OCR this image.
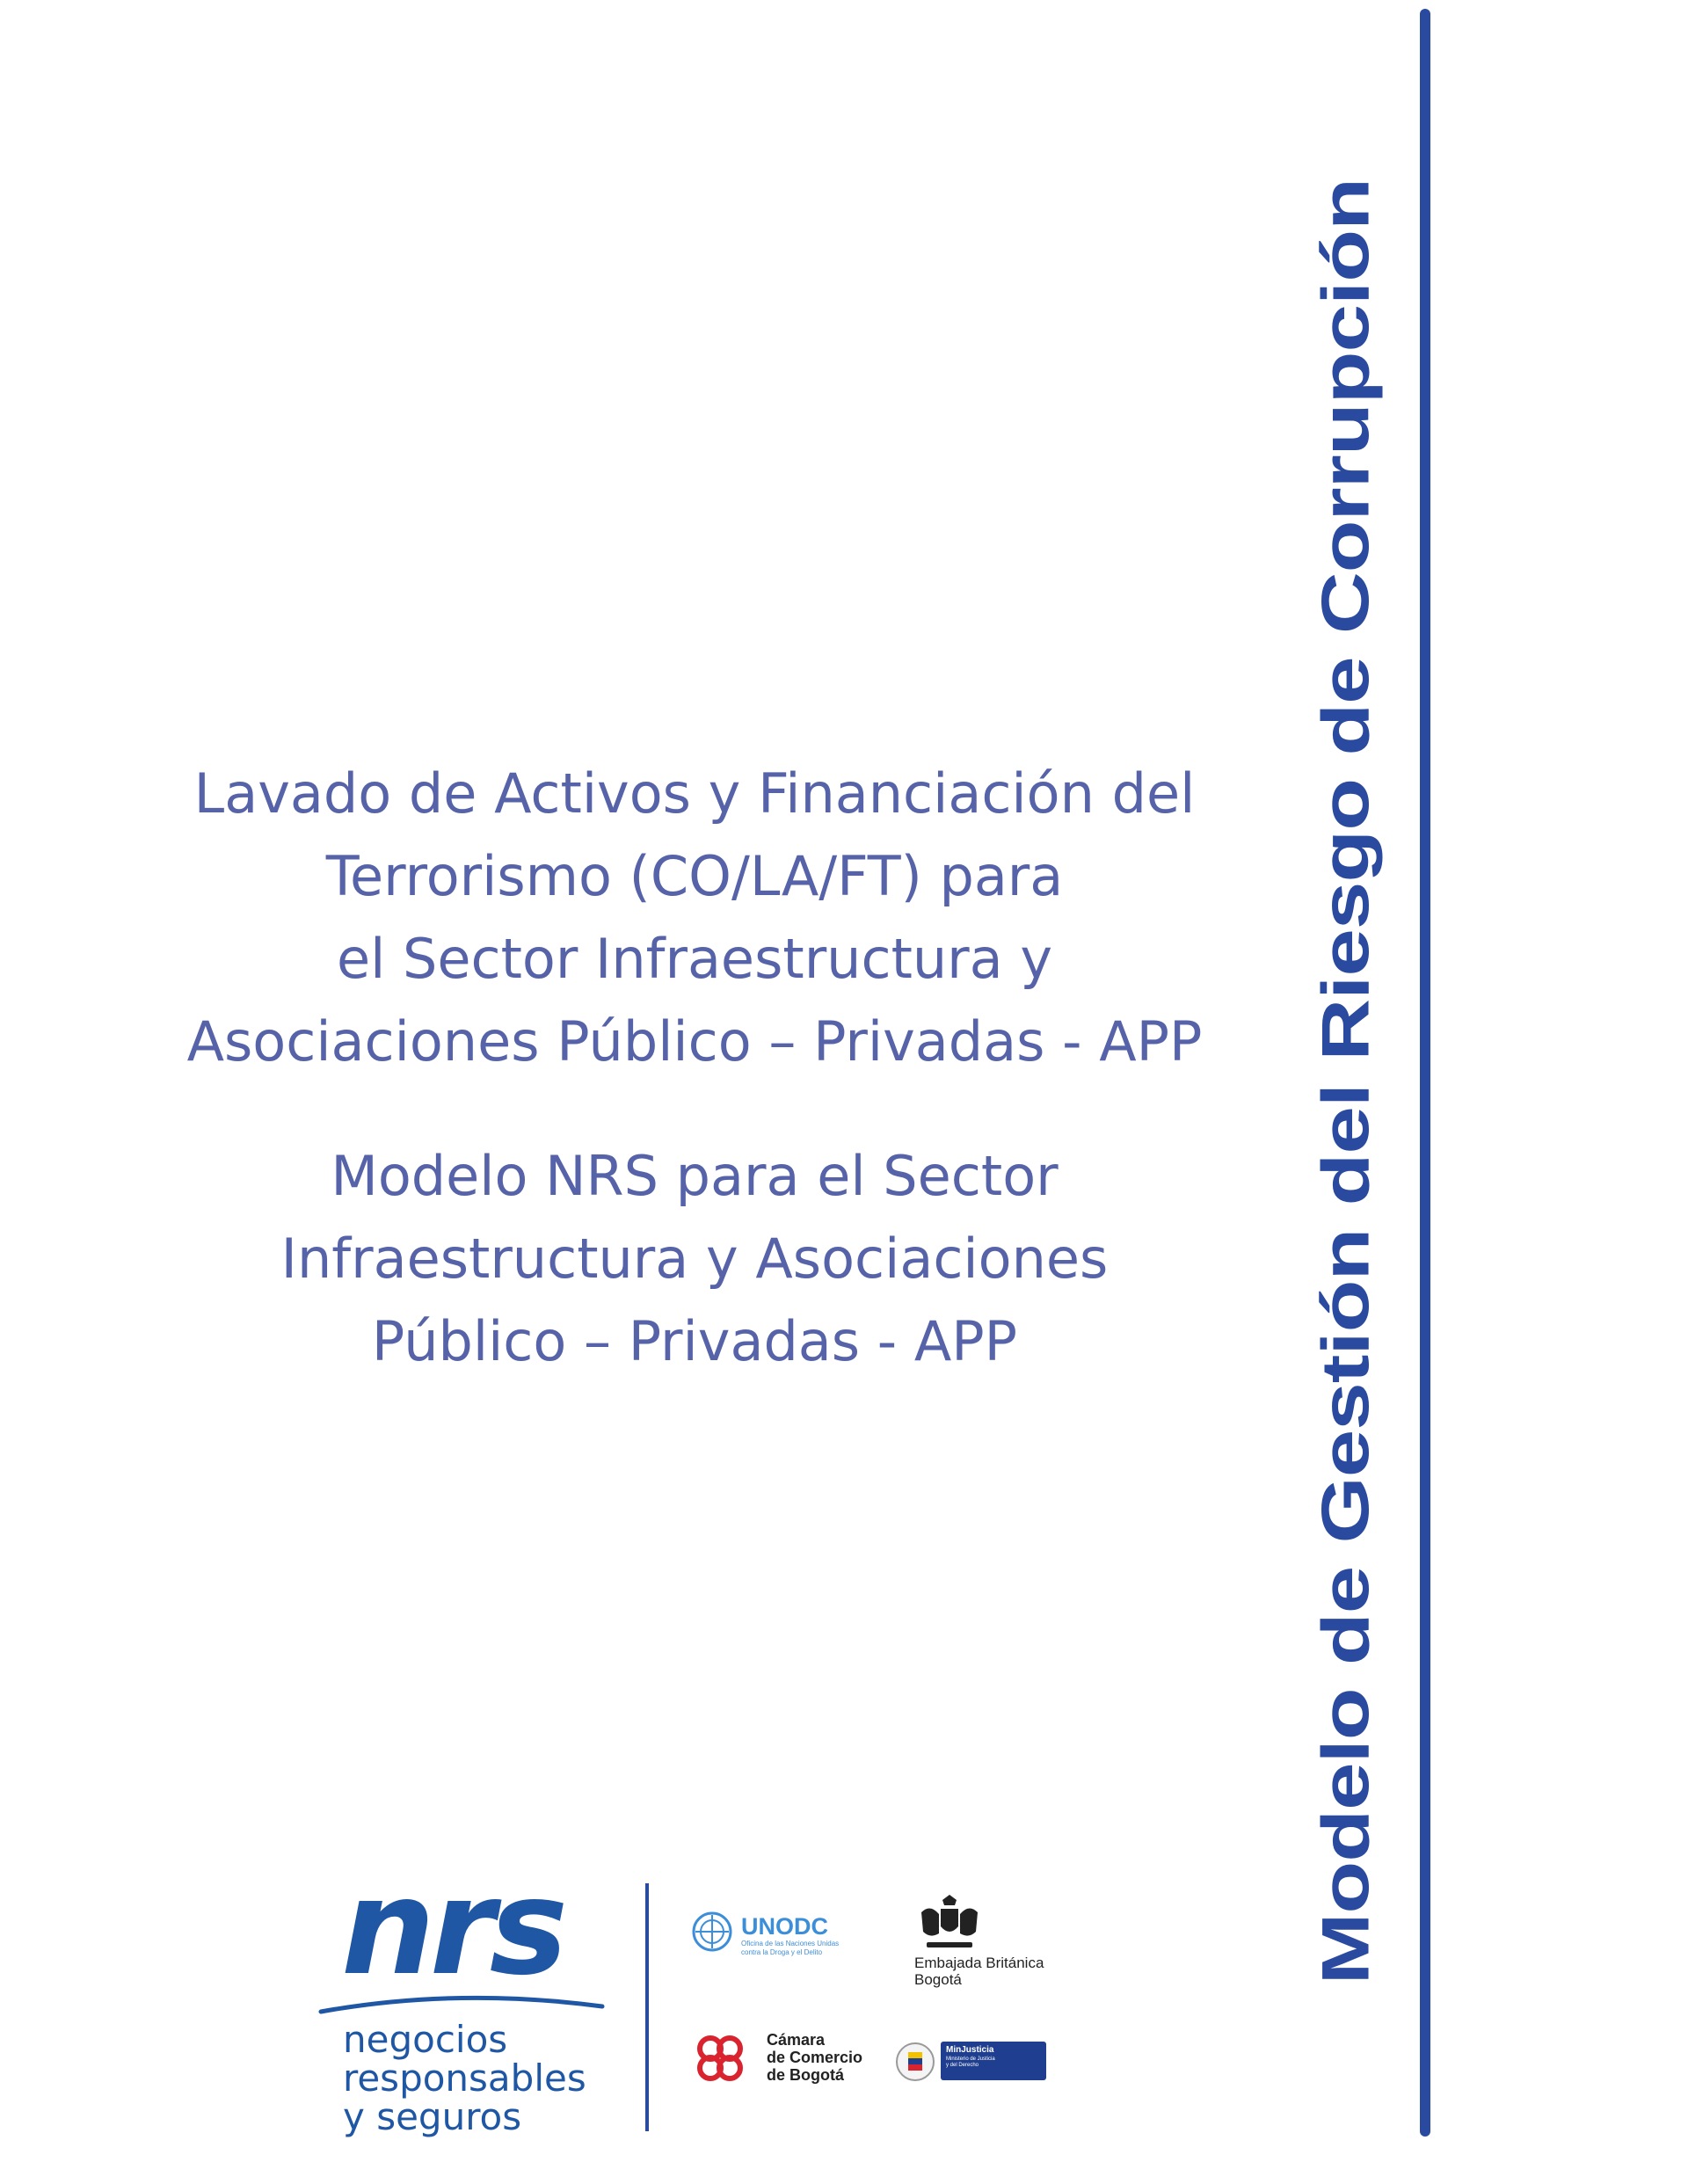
Modelo de Gestión del Riesgo de Corrupción
Lavado de Activos y Financiación del
Terrorismo (CO/LA/FT) para
el Sector Infraestructura y
Asociaciones Público – Privadas - APP
Modelo NRS para el Sector
Infraestructura y Asociaciones
Público – Privadas - APP
nrs
negocios
responsables
y seguros
UNODC
Oficina de las Naciones Unidas
contra la Droga y el Delito
Embajada Británica
Bogotá
Cámara
de Comercio
de Bogotá
MinJusticia
Ministerio de Justicia
y del Derecho
